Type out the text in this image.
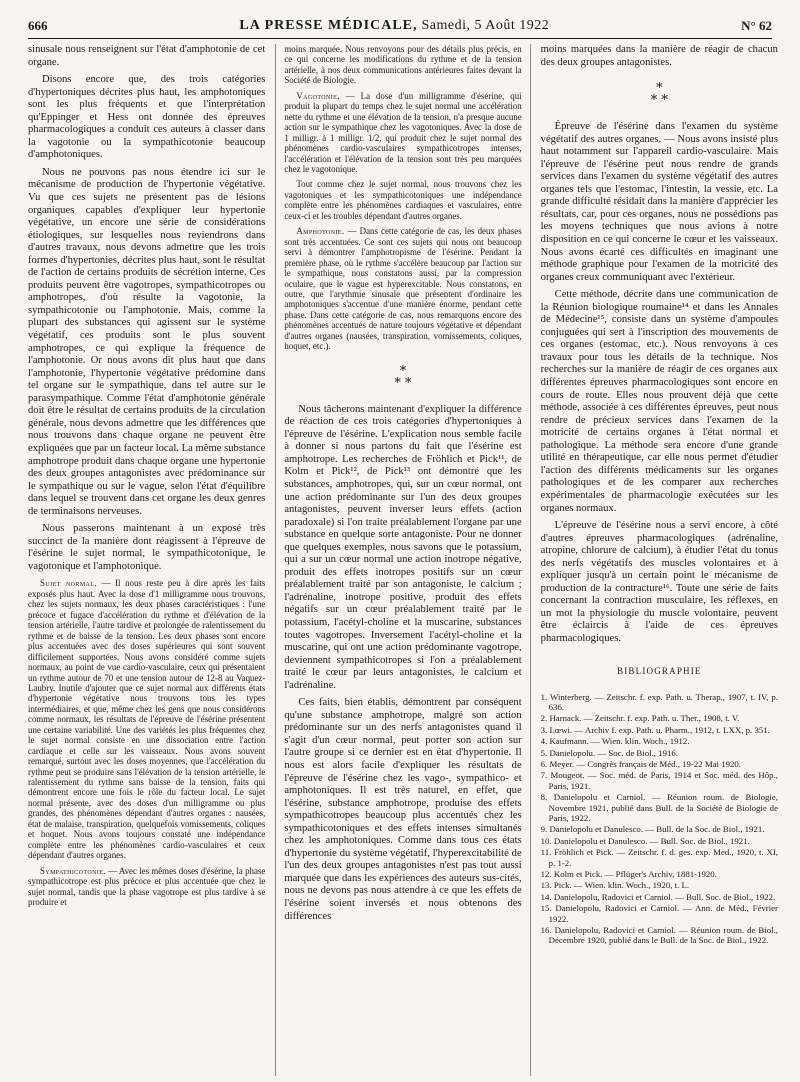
666	LA PRESSE MÉDICALE, Samedi, 5 Août 1922	N° 62

sinusale nous renseignent sur l'état d'amphotonie de cet organe.

Disons encore que, des trois catégories d'hypertoniques décrites plus haut, les amphotoniques sont les plus fréquents et que l'interprétation qu'Eppinger et Hess ont donnée des épreuves pharmacologiques a conduit ces auteurs à classer dans la vagotonie ou la sympathicotonie beaucoup d'amphotoniques.

Nous ne pouvons pas nous étendre ici sur le mécanisme de production de l'hypertonie végétative. Vu que ces sujets ne présentent pas de lésions organiques capables d'expliquer leur hypertonie végétative, un encore une série de considérations étiologiques, sur lesquelles nous reviendrons dans d'autres travaux, nous devons admettre que les trois formes d'hypertonies, décrites plus haut, sont le résultat de l'action de certains produits de sécrétion interne. Ces produits peuvent être vagotropes, sympathicotropes ou amphotropes, d'où résulte la vagotonie, la sympathicotonie ou l'amphotonie. Mais, comme la plupart des substances qui agissent sur le système végétatif, ces produits sont le plus souvent amphotropes, ce qui explique la fréquence de l'amphotonie. Or nous avons dit plus haut que dans l'amphotonie, l'hypertonie végétative prédomine dans tel organe sur le sympathique, dans tel autre sur le parasympathique. Comme l'état d'amphotonie générale doit être le résultat de certains produits de la circulation générale, nous devons admettre que les différences que nous trouvons dans chaque organe ne peuvent être expliquées que par un facteur local. La même substance amphotrope produit dans chaque organe une hypertonie des deux groupes antagonistes avec prédominance sur le sympathique ou sur le vague, selon l'état d'équilibre dans lequel se trouvent dans cet organe les deux genres de terminaisons nerveuses.

Nous passerons maintenant à un exposé très succinct de la manière dont réagissent à l'épreuve de l'ésérine le sujet normal, le sympathicotonique, le vagotonique et l'amphotonique.

Sujet normal. — Il nous reste peu à dire après les faits exposés plus haut. Avec la dose d'1 milligramme nous trouvons, chez les sujets normaux, les deux phases caractéristiques : l'une précoce et fugace d'accélération du rythme et d'élévation de la tension artérielle, l'autre tardive et prolongée de ralentissement du rythme et de baisse de la tension. Les deux phases sont encore plus accentuées avec des doses supérieures qui sont souvent difficilement supportées. Nous avons considéré comme sujets normaux, au point de vue cardio-vasculaire, ceux qui présentaient un rythme autour de 70 et une tension autour de 12-8 au Vaquez-Laubry. Inutile d'ajouter que ce sujet normal aux différents états d'hypertonie végétative nous trouvons tous les types intermédiaires, et que, même chez les gens que nous considérons comme normaux, les résultats de l'épreuve de l'ésérine présentent une certaine variabilité. Une des variétés les plus fréquentes chez le sujet normal consiste en une dissociation entre l'action cardiaque et celle sur les vaisseaux. Nous avons souvent remarqué, surtout avec les doses moyennes, que l'accélération du rythme peut se produire sans l'élévation de la tension artérielle, le ralentissement du rythme sans baisse de la tension, faits qui démontrent encore une fois le rôle du facteur local. Le sujet normal présente, avec des doses d'un milligramme ou plus grandes, des phénomènes dépendant d'autres organes : nausées, état de malaise, transpiration, quelquefois vomissements, coliques et hoquet. Nous avons toujours constaté une indépendance complète entre les phénomènes cardio-vasculaires et ceux dépendant d'autres organes.

Sympathicotonie. — Avec les mêmes doses d'ésérine, la phase sympathicotrope est plus précoce et plus accentuée que chez le sujet normal, tandis que la phase vagotrope est plus tardive à se produire et

moins marquée. Nous renvoyons pour des détails plus précis, en ce qui concerne les modifications du rythme et de la tension artérielle, à nos deux communications antérieures faites devant la Société de Biologie.

Vagotonie. — La dose d'un milligramme d'ésérine, qui produit la plupart du temps chez le sujet normal une accélération nette du rythme et une élévation de la tension, n'a presque aucune action sur le sympathique chez les vagotoniques. Avec la dose de 1 milligr. à 1 milligr. 1/2, qui produit chez le sujet normal des phénomènes cardio-vasculaires sympathicotropes intenses, l'accélération et l'élévation de la tension sont très peu marquées chez le vagotonique.

Tout comme chez le sujet normal, nous trouvons chez les vagotoniques et les sympathicotoniques une indépendance complète entre les phénomènes cardiaques et vasculaires, entre ceux-ci et les troubles dépendant d'autres organes.

Amphotonie. — Dans cette catégorie de cas, les deux phases sont très accentuées. Ce sont ces sujets qui nous ont beaucoup servi à démontrer l'amphotropisme de l'ésérine. Pendant la première phase, où le rythme s'accélère beaucoup par l'action sur le sympathique, nous constatons aussi, par la compression oculaire, que le vague est hyperexcitable. Nous constatons, en outre, que l'arythmie sinusale que présentent d'ordinaire les amphotoniques s'accentue d'une manière énorme, pendant cette phase. Dans cette catégorie de cas, nous remarquons encore des phénomènes accentués de nature toujours végétative et dépendant d'autres organes (nausées, transpiration, vomissements, coliques, hoquet, etc.).

*
* *

Nous tâcherons maintenant d'expliquer la différence de réaction de ces trois catégories d'hypertoniques à l'épreuve de l'ésérine. L'explication nous semble facile à donner si nous partons du fait que l'ésérine est amphotrope. Les recherches de Fröhlich et Pick¹¹, de Kolm et Pick¹², de Pick¹³ ont démontré que les substances, amphotropes, qui, sur un cœur normal, ont une action prédominante sur l'un des deux groupes antagonistes, peuvent inverser leurs effets (action paradoxale) si l'on traite préalablement l'organe par une substance en quelque sorte antagoniste. Pour ne donner que quelques exemples, nous savons que le potassium, qui a sur un cœur normal une action inotrope négative, produit des effets inotropes positifs sur un cœur préalablement traité par son antagoniste, le calcium ; l'adrénaline, inotrope positive, produit des effets négatifs sur un cœur préalablement traité par le potassium, l'acétyl-choline et la muscarine, substances toutes vagotropes. Inversement l'acétyl-choline et la muscarine, qui ont une action prédominante vagotrope, deviennent sympathicotropes si l'on a préalablement traité le cœur par leurs antagonistes, le calcium et l'adrénaline.

Ces faits, bien établis, démontrent par conséquent qu'une substance amphotrope, malgré son action prédominante sur un des nerfs antagonistes quand il s'agit d'un cœur normal, peut porter son action sur l'autre groupe si ce dernier est en état d'hypertonie. Il nous est alors facile d'expliquer les résultats de l'épreuve de l'ésérine chez les vago-, sympathico- et amphotoniques. Il est très naturel, en effet, que l'ésérine, substance amphotrope, produise des effets sympathicotropes beaucoup plus accentués chez les sympathicotoniques et des effets intenses simultanés chez les amphotoniques. Comme dans tous ces états d'hypertonie du système végétatif, l'hyperexcitabilité de l'un des deux groupes antagonistes n'est pas tout aussi marquée que dans les expériences des auteurs sus-cités, nous ne devons pas nous attendre à ce que les effets de l'ésérine soient inversés et nous obtenons des différences

moins marquées dans la manière de réagir de chacun des deux groupes antagonistes.

*
* *

Épreuve de l'ésérine dans l'examen du système végétatif des autres organes. — Nous avons insisté plus haut notamment sur l'appareil cardio-vasculaire. Mais l'épreuve de l'ésérine peut nous rendre de grands services dans l'examen du système végétatif des autres organes tels que l'estomac, l'intestin, la vessie, etc. La grande difficulté résidait dans la manière d'apprécier les résultats, car, pour ces organes, nous ne possédions pas les moyens techniques que nous avions à notre disposition en ce qui concerne le cœur et les vaisseaux. Nous avons écarté ces difficultés en imaginant une méthode graphique pour l'examen de la motricité des organes creux communiquant avec l'extérieur.

Cette méthode, décrite dans une communication de la Réunion biologique roumaine¹⁴ et dans les Annales de Médecine¹⁵, consiste dans un système d'ampoules conjuguées qui sert à l'inscription des mouvements de ces organes (estomac, etc.). Nous renvoyons à ces travaux pour tous les détails de la technique. Nos recherches sur la manière de réagir de ces organes aux différentes épreuves pharmacologiques sont encore en cours de route. Elles nous prouvent déjà que cette méthode, associée à ces différentes épreuves, peut nous rendre de précieux services dans l'examen de la motricité de certains organes à l'état normal et pathologique. La méthode sera encore d'une grande utilité en thérapeutique, car elle nous permet d'étudier l'action des différents médicaments sur les organes pathologiques et de les comparer aux recherches expérimentales de pharmacologie exécutées sur les organes normaux.

L'épreuve de l'ésérine nous a servi encore, à côté d'autres épreuves pharmacologiques (adrénaline, atropine, chlorure de calcium), à étudier l'état du tonus des nerfs végétatifs des muscles volontaires et à expliquer jusqu'à un certain point le mécanisme de production de la contracture¹⁶. Toute une série de faits concernant la contraction musculaire, les réflexes, en un mot la physiologie du muscle volontaire, peuvent être éclaircis à l'aide de ces épreuves pharmacologiques.

BIBLIOGRAPHIE
1. Winterberg. — Zeitschr. f. exp. Path. u. Therap., 1907, t. IV, p. 636.
2. Harnack. — Zeitschr. f. exp. Path. u. Ther., 1908, t. V.
3. Lœwi. — Archiv f. exp. Path. u. Pharm., 1912, t. LXX, p. 351.
4. Kaufmann. — Wien. klin. Woch., 1912.
5. Danielopolu. — Soc. de Biol., 1916.
6. Meyer. — Congrès français de Méd., 19-22 Mai 1920.
7. Mougeot. — Soc. méd. de Paris, 1914 et Soc. méd. des Hôp., Paris, 1921.
8. Danielopolu et Carniol. — Réunion roum. de Biologie, Novembre 1921, publié dans Bull. de la Société de Biologie de Paris, 1922.
9. Danielopolu et Danulesco. — Bull. de la Soc. de Biol., 1921.
10. Danielopolu et Danulesco. — Bull. Soc. de Biol., 1921.
11. Fröhlich et Pick. — Zeitschr. f. d. ges. exp. Med., 1920, t. XI, p. 1-2.
12. Kolm et Pick. — Pflüger's Archiv, 1881-1920.
13. Pick. — Wien. klin. Woch., 1920, t. L.
14. Danielopolu, Radovici et Carniol. — Bull. Soc. de Biol., 1922.
15. Danielopolu, Radovici et Carniol. — Ann. de Méd., Février 1922.
16. Danielopolu, Radovici et Carniol. — Réunion roum. de Biol., Décembre 1920, publié dans le Bull. de la Soc. de Biol., 1922.
